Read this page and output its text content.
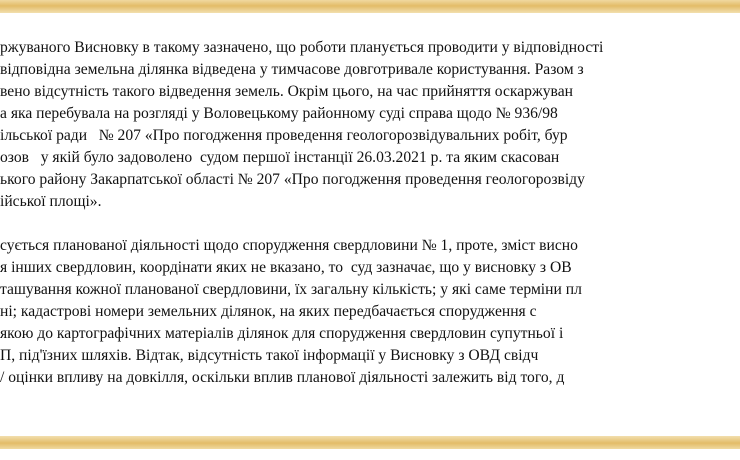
ржуваного Висновку в такому зазначено, що роботи планується проводити у відповідності
відповідна земельна ділянка відведена у тимчасове довготривале користування. Разом з
вено відсутність такого відведення земель. Окрім цього, на час прийняття оскаржуван
а яка перебувала на розгляді у Воловецькому районному суді справа щодо № 936/98
ільської ради   № 207 «Про погодження проведення геологорозвідувальних робіт, бур
озов   у якій було задоволено  судом першої інстанції 26.03.2021 р. та яким скасован
ького району Закарпатської області № 207 «Про погодження проведення геологорозвіду
ійської площі».
сується планованої діяльності щодо спорудження свердловини № 1, проте, зміст висно
я інших свердловин, коордінати яких не вказано, то  суд зазначає, що у висновку з ОВ
ташування кожної планованої свердловини, їх загальну кількість; у які саме терміни пл
ні; кадастрові номери земельних ділянок, на яких передбачається спорудження с
якою до картографічних матеріалів ділянок для спорудження свердловин супутньої і
П, під'їзних шляхів. Відтак, відсутність такої інформації у Висновку з ОВД свідч
/ оцінки впливу на довкілля, оскільки вплив планової діяльності залежить від того, д
